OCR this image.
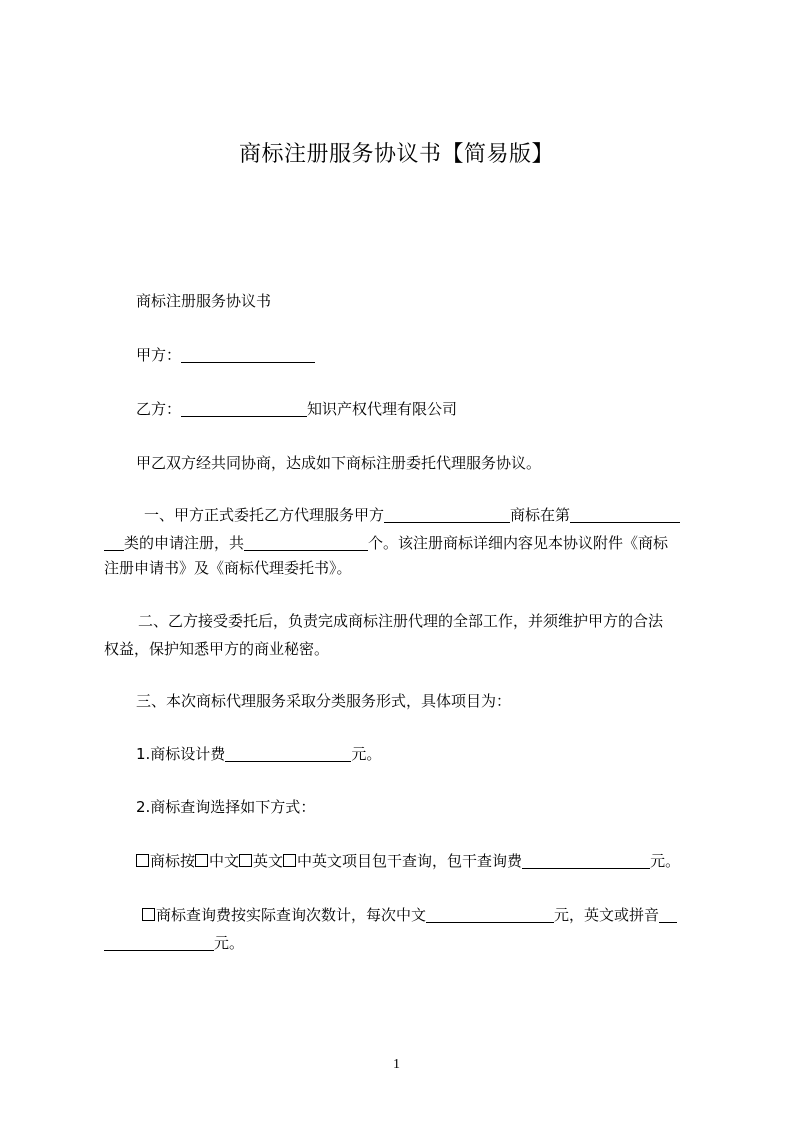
商标注册服务协议书【简易版】
商标注册服务协议书
甲方：
乙方：	知识产权代理有限公司
甲乙双方经共同协商，达成如下商标注册委托代理服务协议。
一、甲方正式委托乙方代理服务甲方	商标在第
类的申请注册，共	个。该注册商标详细内容见本协议附件《商标
注册申请书》及《商标代理委托书》。
二、乙方接受委托后，负责完成商标注册代理的全部工作，并须维护甲方的合法
权益，保护知悉甲方的商业秘密。
三、本次商标代理服务采取分类服务形式，具体项目为：
1.商标设计费	元。
2.商标查询选择如下方式：
商标按 中文 英文 中英文项目包干查询，包干查询费	元。
商标查询费按实际查询次数计，每次中文	元，英文或拼音
元。
1
